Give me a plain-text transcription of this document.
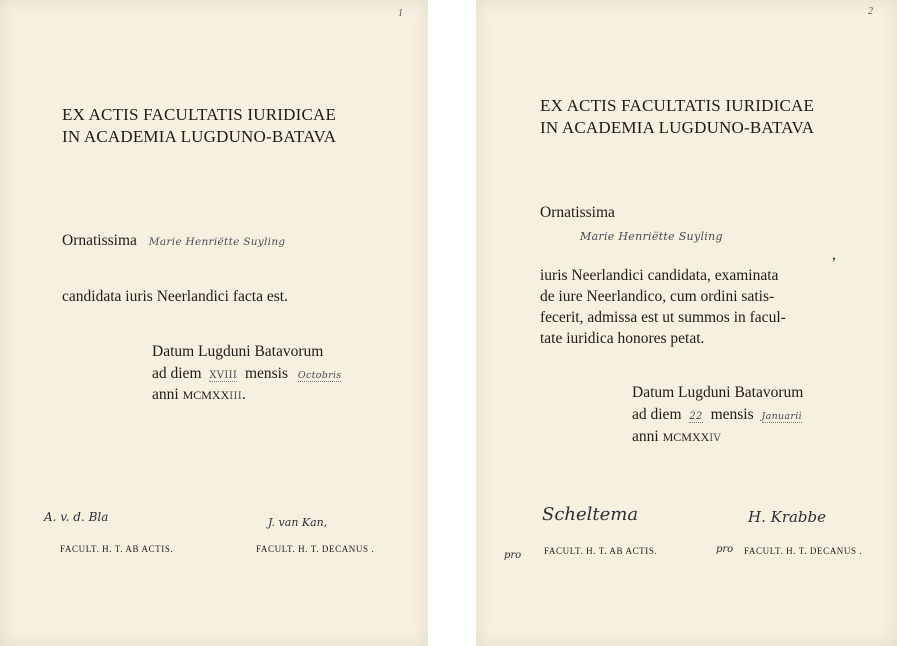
1
EX ACTIS FACULTATIS IURIDICAE
IN ACADEMIA LUGDUNO-BATAVA
Ornatissima Marie Henriëtte Suyling
candidata iuris Neerlandici facta est.
Datum Lugduni Batavorum
ad diem XVIII mensis Octobris
anni MCMXXIII.
A. v. d. Bla
FACULT. H. T. AB ACTIS.
J. van Kan,
FACULT. H. T. DECANUS .
2
EX ACTIS FACULTATIS IURIDICAE
IN ACADEMIA LUGDUNO-BATAVA
Ornatissima
Marie Henriëtte Suyling
,
iuris Neerlandici candidata, examinata
de iure Neerlandico, cum ordini satis-
fecerit, admissa est ut summos in facul-
tate iuridica honores petat.
Datum Lugduni Batavorum
ad diem 22 mensis Januarii
anni MCMXXIV
pro
Scheltema
FACULT. H. T. AB ACTIS.	pro
H. Krabbe
FACULT. H. T. DECANUS .
